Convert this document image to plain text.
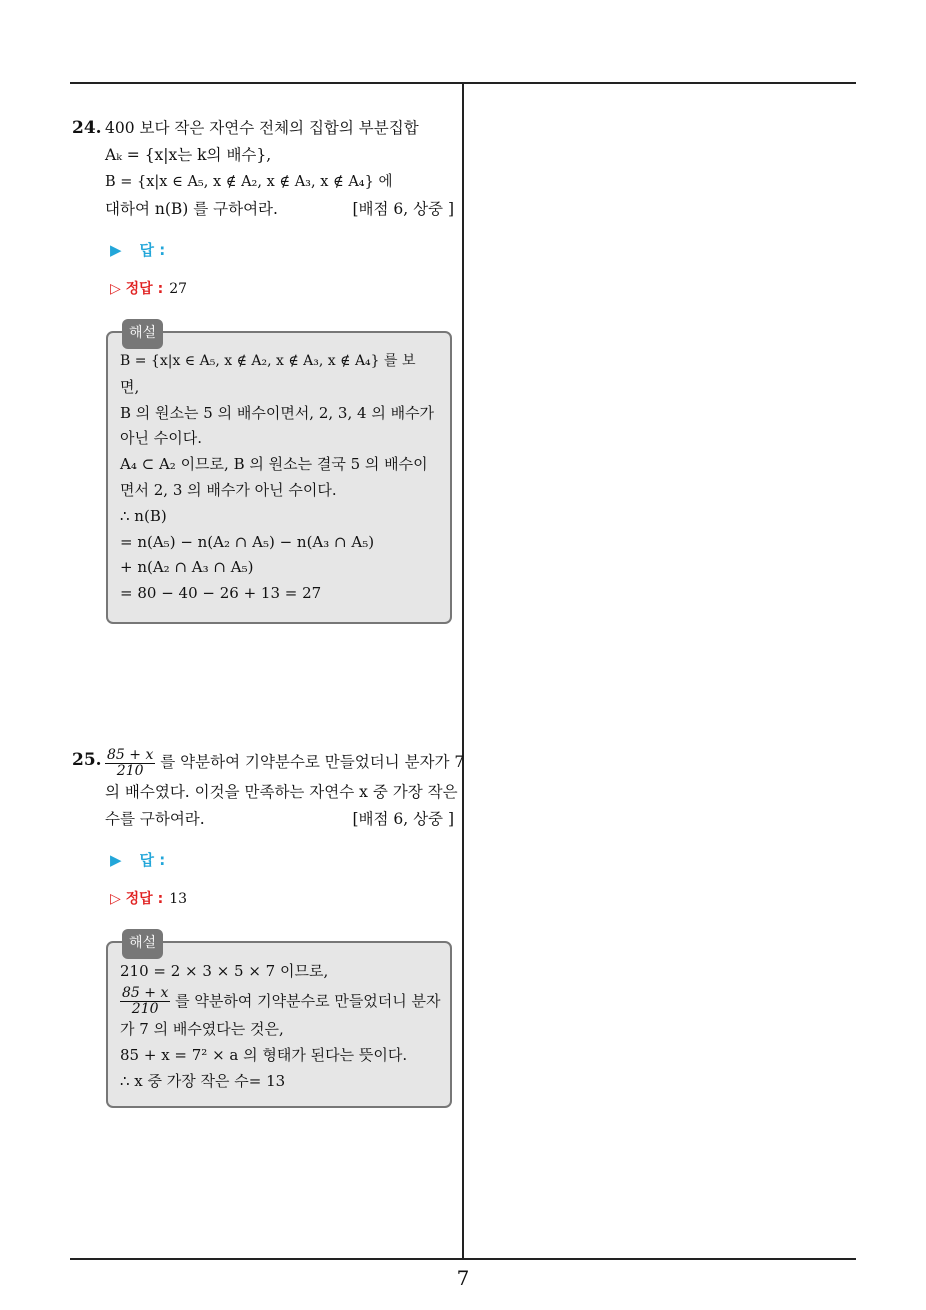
24. 400 보다 작은 자연수 전체의 집합의 부분집합
Aₖ = {x|x는 k의 배수},
B = {x|x ∈ A₅, x ∉ A₂, x ∉ A₃, x ∉ A₄} 에
대하여 n(B) 를 구하여라.	[배점 6, 상중 ]
▶ 답 :
▷ 정답 : 27
해설
B = {x|x ∈ A₅, x ∉ A₂, x ∉ A₃, x ∉ A₄} 를 보
면,
B 의 원소는 5 의 배수이면서, 2, 3, 4 의 배수가
아닌 수이다.
A₄ ⊂ A₂ 이므로, B 의 원소는 결국 5 의 배수이
면서 2, 3 의 배수가 아닌 수이다.
∴ n(B)
= n(A₅) − n(A₂ ∩ A₅) − n(A₃ ∩ A₅)
+ n(A₂ ∩ A₃ ∩ A₅)
= 80 − 40 − 26 + 13 = 27
25. $\frac{85 + x}{210}$ 를 약분하여 기약분수로 만들었더니 분자가 7
의 배수였다. 이것을 만족하는 자연수 x 중 가장 작은
수를 구하여라.	[배점 6, 상중 ]
▶ 답 :
▷ 정답 : 13
해설
210 = 2 × 3 × 5 × 7 이므로,
$\frac{85 + x}{210}$ 를 약분하여 기약분수로 만들었더니 분자
가 7 의 배수였다는 것은,
85 + x = 7² × a 의 형태가 된다는 뜻이다.
∴ x 중 가장 작은 수= 13
7
